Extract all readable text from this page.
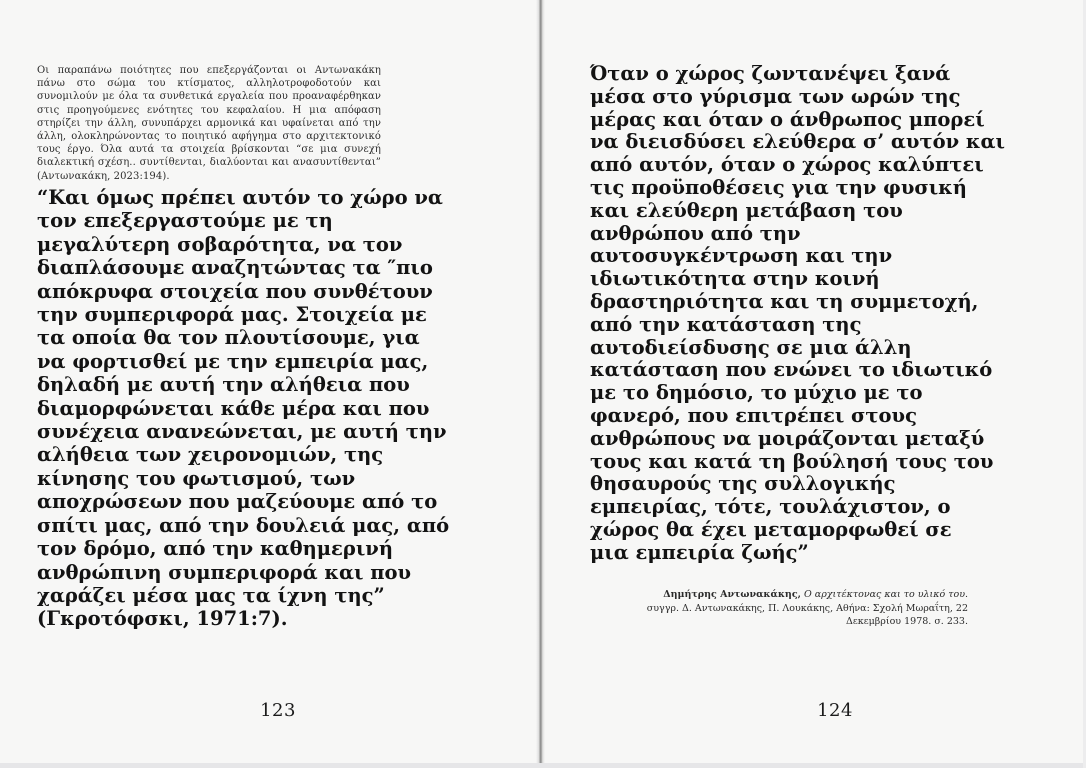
Οι παραπάνω ποιότητες που επεξεργάζονται οι Αντωνακάκη πάνω στο σώμα του κτίσματος, αλληλοτροφοδοτούν και συνομιλούν με όλα τα συνθετικά εργαλεία που προαναφέρθηκαν στις προηγούμενες ενότητες του κεφαλαίου. Η μια απόφαση στηρίζει την άλλη, συνυπάρχει αρμονικά και υφαίνεται από την άλλη, ολοκληρώνοντας το ποιητικό αφήγημα στο αρχιτεκτονικό τους έργο. Όλα αυτά τα στοιχεία βρίσκονται “σε μια συνεχή διαλεκτική σχέση.. συντίθενται, διαλύονται και ανασυντίθενται” (Αντωνακάκη, 2023:194).
“Και όμως πρέπει αυτόν το χώρο να
τον επεξεργαστούμε με τη
μεγαλύτερη σοβαρότητα, να τον
διαπλάσουμε αναζητώντας τα ″πιο
απόκρυφα στοιχεία που συνθέτουν
την συμπεριφορά μας. Στοιχεία με
τα οποία θα τον πλουτίσουμε, για
να φορτισθεί με την εμπειρία μας,
δηλαδή με αυτή την αλήθεια που
διαμορφώνεται κάθε μέρα και που
συνέχεια ανανεώνεται, με αυτή την
αλήθεια των χειρονομιών, της
κίνησης του φωτισμού, των
αποχρώσεων που μαζεύουμε από το
σπίτι μας, από την δουλειά μας, από
τον δρόμο, από την καθημερινή
ανθρώπινη συμπεριφορά και που
χαράζει μέσα μας τα ίχνη της”
(Γκροτόφσκι, 1971:7).
123
Όταν ο χώρος ζωντανέψει ξανά
μέσα στο γύρισμα των ωρών της
μέρας και όταν ο άνθρωπος μπορεί
να διεισδύσει ελεύθερα σ’ αυτόν και
από αυτόν, όταν ο χώρος καλύπτει
τις προϋποθέσεις για την φυσική
και ελεύθερη μετάβαση του
ανθρώπου από την
αυτοσυγκέντρωση και την
ιδιωτικότητα στην κοινή
δραστηριότητα και τη συμμετοχή,
από την κατάσταση της
αυτοδιείσδυσης σε μια άλλη
κατάσταση που ενώνει το ιδιωτικό
με το δημόσιο, το μύχιο με το
φανερό, που επιτρέπει στους
ανθρώπους να μοιράζονται μεταξύ
τους και κατά τη βούλησή τους του
θησαυρούς της συλλογικής
εμπειρίας, τότε, τουλάχιστον, ο
χώρος θα έχει μεταμορφωθεί σε
μια εμπειρία ζωής”
Δημήτρης Αντωνακάκης, Ο αρχιτέκτονας και το υλικό του.
συγγρ. Δ. Αντωνακάκης, Π. Λουκάκης, Αθήνα: Σχολή Μωραΐτη, 22 Δεκεμβρίου 1978. σ. 233.
124
